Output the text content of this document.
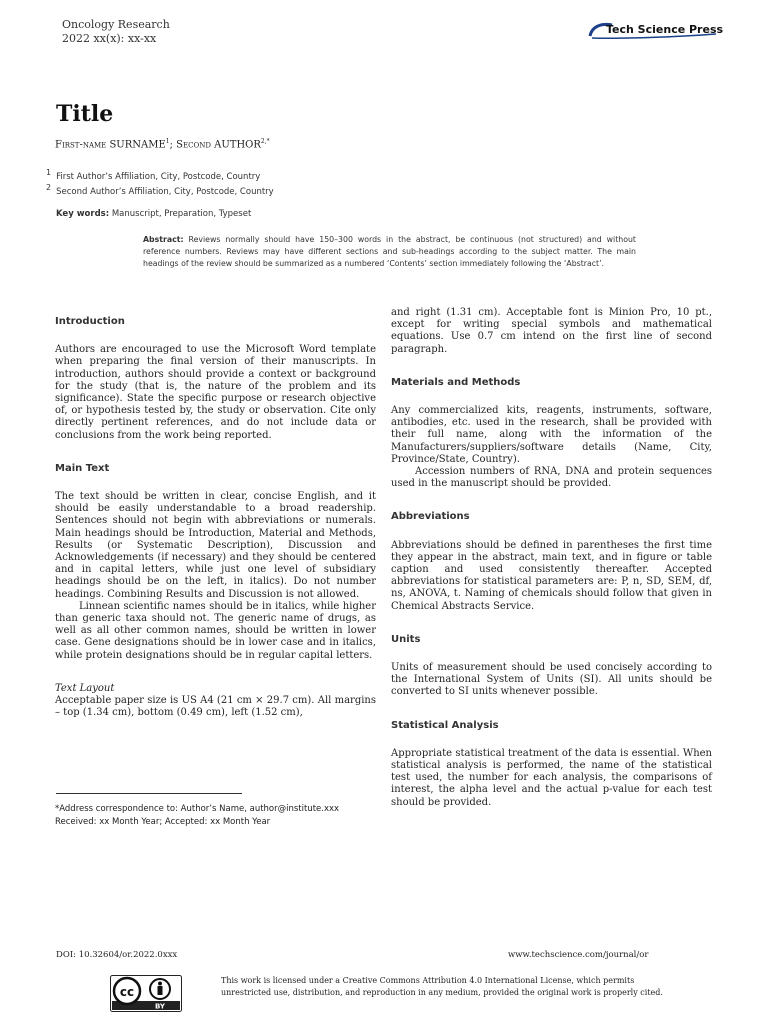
Oncology Research
2022 xx(x): xx-xx
Tech Science Press
Title
First-name SURNAME$^1$; Second $AUTHOR^{2,*}$
$^1$ First Author’s Affiliation, City, Postcode, Country
$^2$ Second Author’s Affiliation, City, Postcode, Country
Key words: Manuscript, Preparation, Typeset
Abstract: Reviews normally should have 150–300 words in the abstract, be continuous (not structured) and without reference numbers. Reviews may have different sections and sub-headings according to the subject matter. The main headings of the review should be summarized as a numbered ‘Contents’ section immediately following the ‘Abstract’.
Introduction

Authors are encouraged to use the Microsoft Word template when preparing the final version of their manuscripts. In introduction, authors should provide a context or background for the study (that is, the nature of the problem and its significance). State the specific purpose or research objective of, or hypothesis tested by, the study or observation. Cite only directly pertinent references, and do not include data or conclusions from the work being reported.

Main Text

The text should be written in clear, concise English, and it should be easily understandable to a broad readership. Sentences should not begin with abbreviations or numerals. Main headings should be Introduction, Material and Methods, Results (or Systematic Description), Discussion and Acknowledgements (if necessary) and they should be centered and in capital letters, while just one level of subsidiary headings should be on the left, in italics). Do not number headings. Combining Results and Discussion is not allowed.

Linnean scientific names should be in italics, while higher than generic taxa should not. The generic name of drugs, as well as all other common names, should be written in lower case. Gene designations should be in lower case and in italics, while protein designations should be in regular capital letters.

Text Layout

Acceptable paper size is US A4 (21 cm × 29.7 cm). All margins – top (1.34 cm), bottom (0.49 cm), left (1.52 cm),

and right (1.31 cm). Acceptable font is Minion Pro, 10 pt., except for writing special symbols and mathematical equations. Use 0.7 cm intend on the first line of second paragraph.

Materials and Methods

Any commercialized kits, reagents, instruments, software, antibodies, etc. used in the research, shall be provided with their full name, along with the information of the Manufacturers/suppliers/software details (Name, City, Province/State, Country).

Accession numbers of RNA, DNA and protein sequences used in the manuscript should be provided.

Abbreviations

Abbreviations should be defined in parentheses the first time they appear in the abstract, main text, and in figure or table caption and used consistently thereafter. Accepted abbreviations for statistical parameters are: P, n, SD, SEM, df, ns, ANOVA, t. Naming of chemicals should follow that given in Chemical Abstracts Service.

Units

Units of measurement should be used concisely according to the International System of Units (SI). All units should be converted to SI units whenever possible.

Statistical Analysis

Appropriate statistical treatment of the data is essential. When statistical analysis is performed, the name of the statistical test used, the number for each analysis, the comparisons of interest, the alpha level and the actual p-value for each test should be provided.

*Address correspondence to: Author’s Name, author@institute.xxx
Received: xx Month Year; Accepted: xx Month Year
DOI: 10.32604/or.2022.0xxx	www.techscience.com/journal/or
cc
BY
This work is licensed under a Creative Commons Attribution 4.0 International License, which permits unrestricted use, distribution, and reproduction in any medium, provided the original work is properly cited.
